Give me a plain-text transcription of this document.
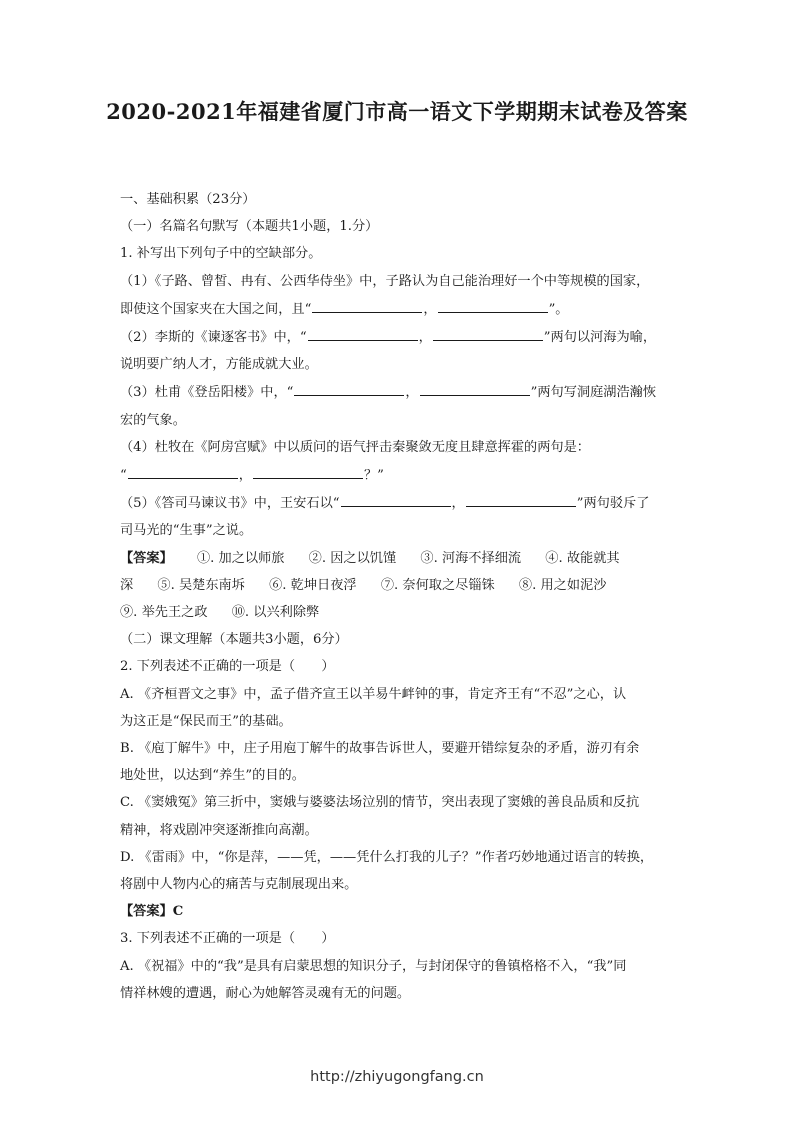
2020-2021年福建省厦门市高一语文下学期期末试卷及答案

一、基础积累（23分）

（一）名篇名句默写（本题共1小题，1.分）

1. 补写出下列句子中的空缺部分。

（1）《子路、曾皙、冉有、公西华侍坐》中，子路认为自己能治理好一个中等规模的国家，

即使这个国家夹在大国之间，且“	，	”。

（2）李斯的《谏逐客书》中，“	，	”两句以河海为喻，

说明要广纳人才，方能成就大业。

（3）杜甫《登岳阳楼》中，“	，	”两句写洞庭湖浩瀚恢

宏的气象。

（4）杜牧在《阿房宫赋》中以质问的语气抨击秦聚敛无度且肆意挥霍的两句是：

“	，	？”

（5）《答司马谏议书》中，王安石以“	，	”两句驳斥了

司马光的“生事”之说。

【答案】 ①. 加之以师旅 ②. 因之以饥馑 ③. 河海不择细流 ④. 故能就其

深 ⑤. 吴楚东南坼 ⑥. 乾坤日夜浮 ⑦. 奈何取之尽锱铢 ⑧. 用之如泥沙

⑨. 举先王之政 ⑩. 以兴利除弊

（二）课文理解（本题共3小题，6分）

2. 下列表述不正确的一项是（　　）

A. 《齐桓晋文之事》中，孟子借齐宣王以羊易牛衅钟的事，肯定齐王有“不忍”之心，认

为这正是“保民而王”的基础。

B. 《庖丁解牛》中，庄子用庖丁解牛的故事告诉世人，要避开错综复杂的矛盾，游刃有余

地处世，以达到“养生”的目的。

C. 《窦娥冤》第三折中，窦娥与婆婆法场泣别的情节，突出表现了窦娥的善良品质和反抗

精神，将戏剧冲突逐渐推向高潮。

D. 《雷雨》中，“你是萍，——凭，——凭什么打我的儿子？”作者巧妙地通过语言的转换，

将剧中人物内心的痛苦与克制展现出来。

【答案】C

3. 下列表述不正确的一项是（　　）

A. 《祝福》中的“我”是具有启蒙思想的知识分子，与封闭保守的鲁镇格格不入，“我”同

情祥林嫂的遭遇，耐心为她解答灵魂有无的问题。

http://zhiyugongfang.cn
